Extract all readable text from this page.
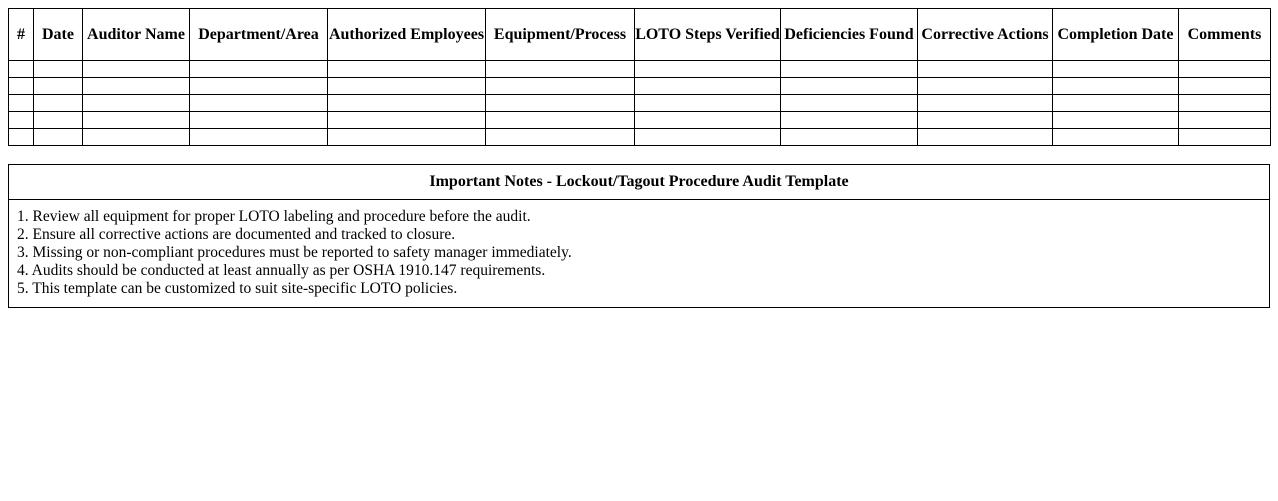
#	Date	Auditor Name	Department/Area	Authorized Employees	Equipment/Process	LOTO Steps Verified	Deficiencies Found	Corrective Actions	Completion Date	Comments

Important Notes - Lockout/Tagout Procedure Audit Template
1. Review all equipment for proper LOTO labeling and procedure before the audit.
2. Ensure all corrective actions are documented and tracked to closure.
3. Missing or non-compliant procedures must be reported to safety manager immediately.
4. Audits should be conducted at least annually as per OSHA 1910.147 requirements.
5. This template can be customized to suit site-specific LOTO policies.
